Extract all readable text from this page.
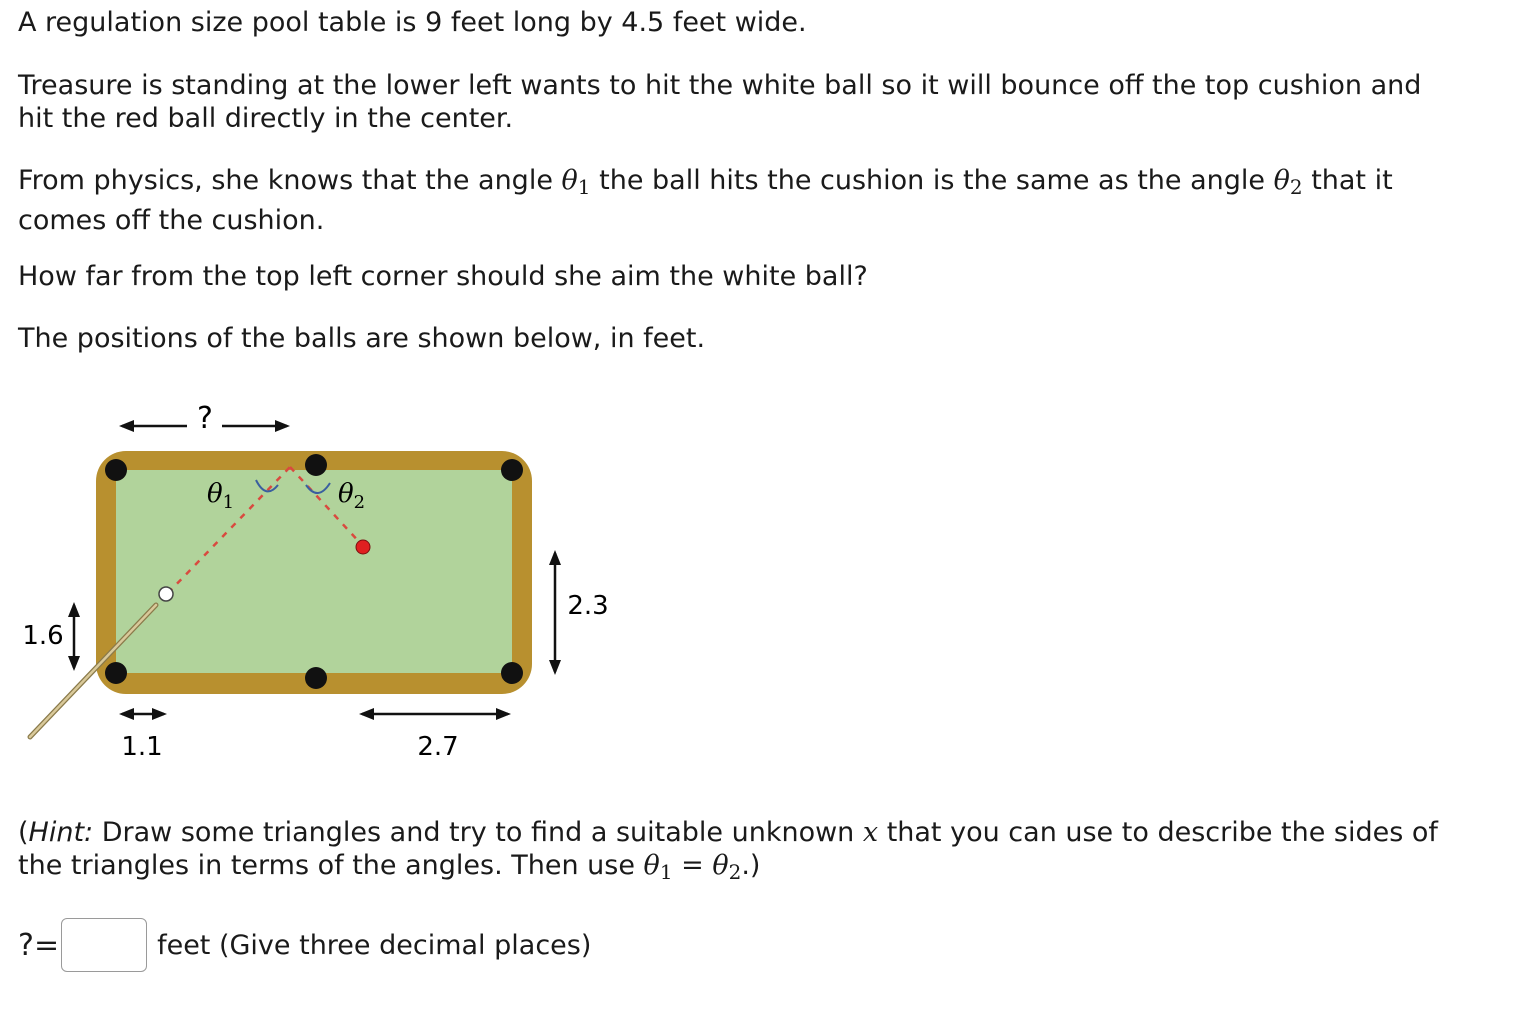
A regulation size pool table is 9 feet long by 4.5 feet wide.

Treasure is standing at the lower left wants to hit the white ball so it will bounce off the top cushion and hit the red ball directly in the center.

From physics, she knows that the angle $\theta_1$ the ball hits the cushion is the same as the angle $\theta_2$ that it comes off the cushion.

How far from the top left corner should she aim the white ball?

The positions of the balls are shown below, in feet.

?
$\theta_1$	$\theta_2$
1.6
2.3
1.1	2.7

(Hint: Draw some triangles and try to find a suitable unknown x that you can use to describe the sides of the triangles in terms of the angles. Then use $\theta_1 = \theta_2$.)

? =	feet (Give three decimal places)
